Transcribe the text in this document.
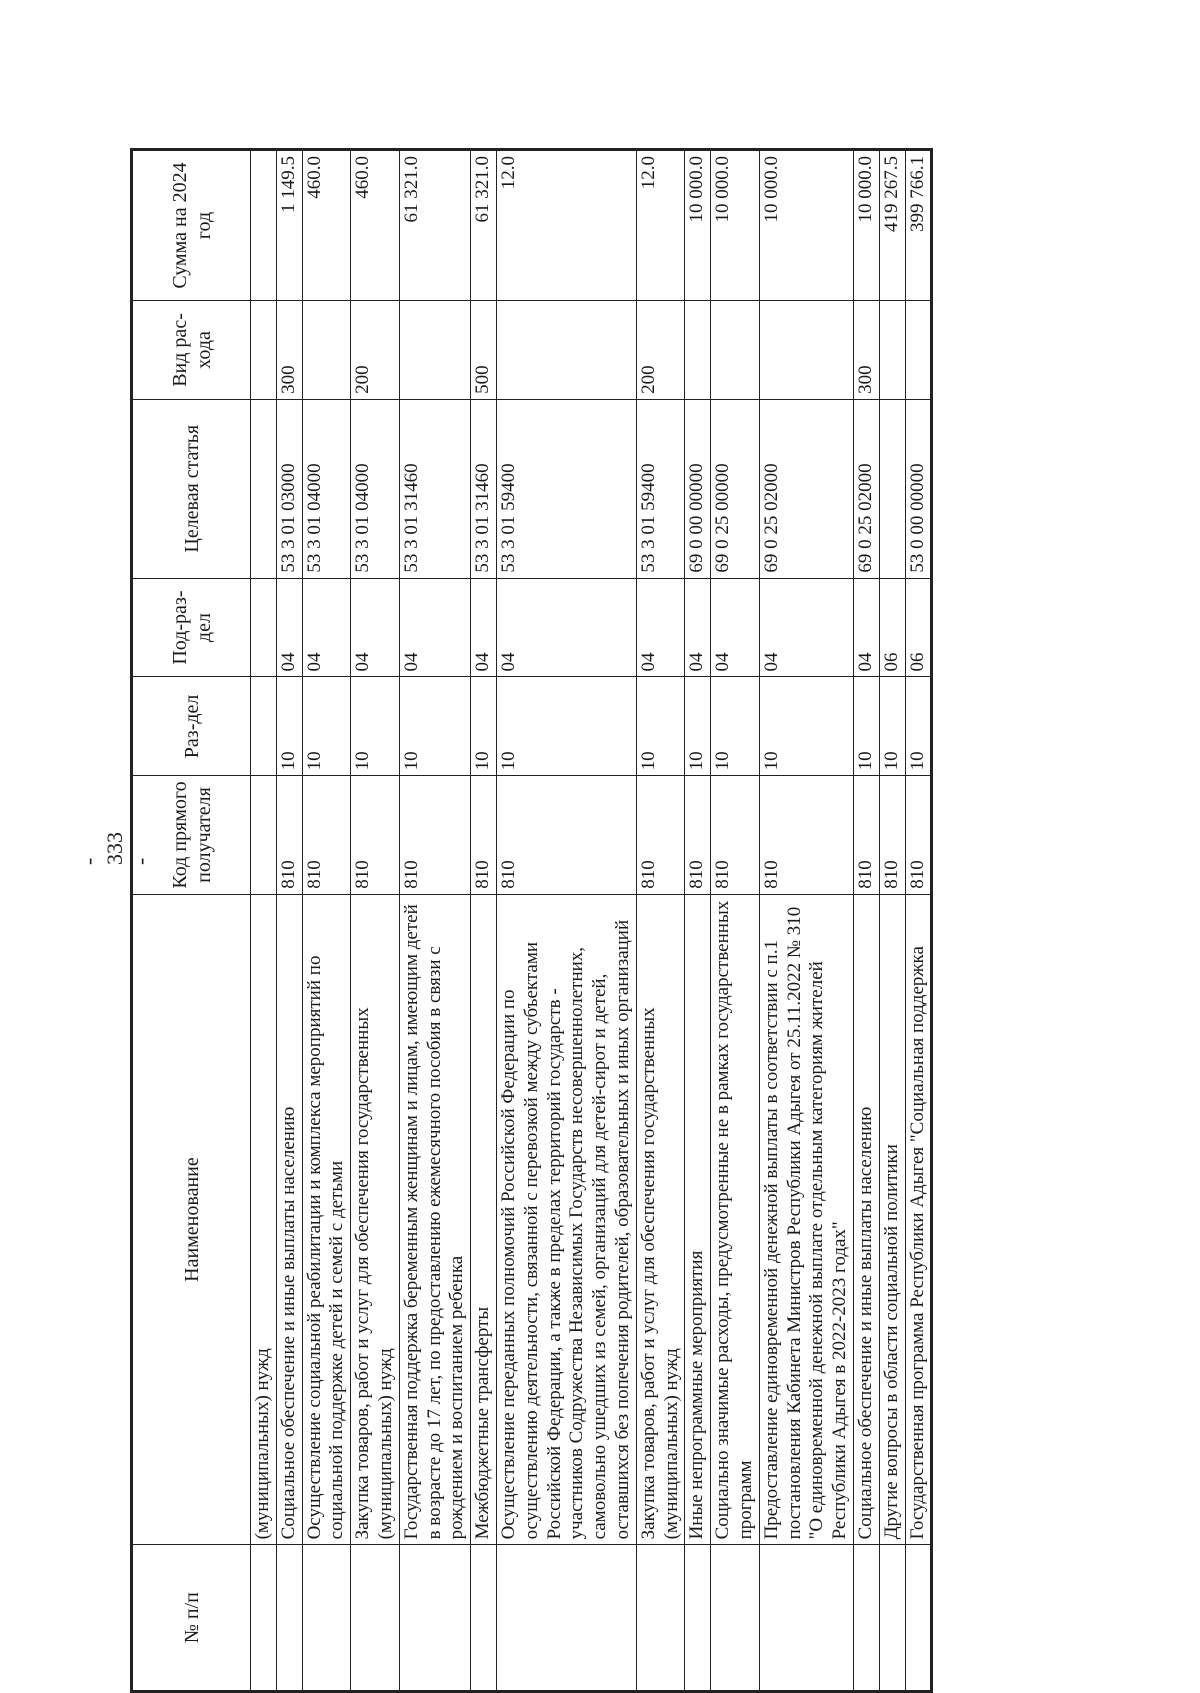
- 333 -
№ п/п	Наименование	Код прямого получателя	Раз-дел	Под-раз-дел	Целевая статья	Вид рас-хода	Сумма на 2024 год
	(муниципальных) нужд						
	Социальное обеспечение и иные выплаты населению	810	10	04	53 3 01 03000	300	1 149.5
	Осуществление социальной реабилитации и комплекса мероприятий по социальной поддержке детей и семей с детьми	810	10	04	53 3 01 04000		460.0
	Закупка товаров, работ и услуг для обеспечения государственных (муниципальных) нужд	810	10	04	53 3 01 04000	200	460.0
	Государственная поддержка беременным женщинам и лицам, имеющим детей в возрасте до 17 лет, по предоставлению ежемесячного пособия в связи с рождением и воспитанием ребенка	810	10	04	53 3 01 31460		61 321.0
	Межбюджетные трансферты	810	10	04	53 3 01 31460	500	61 321.0
	Осуществление переданных полномочий Российской Федерации по осуществлению деятельности, связанной с перевозкой между субъектами Российской Федерации, а также в пределах территорий государств - участников Содружества Независимых Государств несовершеннолетних, самовольно ушедших из семей, организаций для детей-сирот и детей, оставшихся без попечения родителей, образовательных и иных организаций	810	10	04	53 3 01 59400		12.0
	Закупка товаров, работ и услуг для обеспечения государственных (муниципальных) нужд	810	10	04	53 3 01 59400	200	12.0
	Иные непрограммные мероприятия	810	10	04	69 0 00 00000		10 000.0
	Социально значимые расходы, предусмотренные не в рамках государственных программ	810	10	04	69 0 25 00000		10 000.0
	Предоставление единовременной денежной выплаты в соответствии с п.1 постановления Кабинета Министров Республики Адыгея от 25.11.2022 № 310 "О единовременной денежной выплате отдельным категориям жителей Республики Адыгея в 2022-2023 годах"	810	10	04	69 0 25 02000		10 000.0
	Социальное обеспечение и иные выплаты населению	810	10	04	69 0 25 02000	300	10 000.0
	Другие вопросы в области социальной политики	810	10	06			419 267.5
	Государственная программа Республики Адыгея "Социальная поддержка	810	10	06	53 0 00 00000		399 766.1
